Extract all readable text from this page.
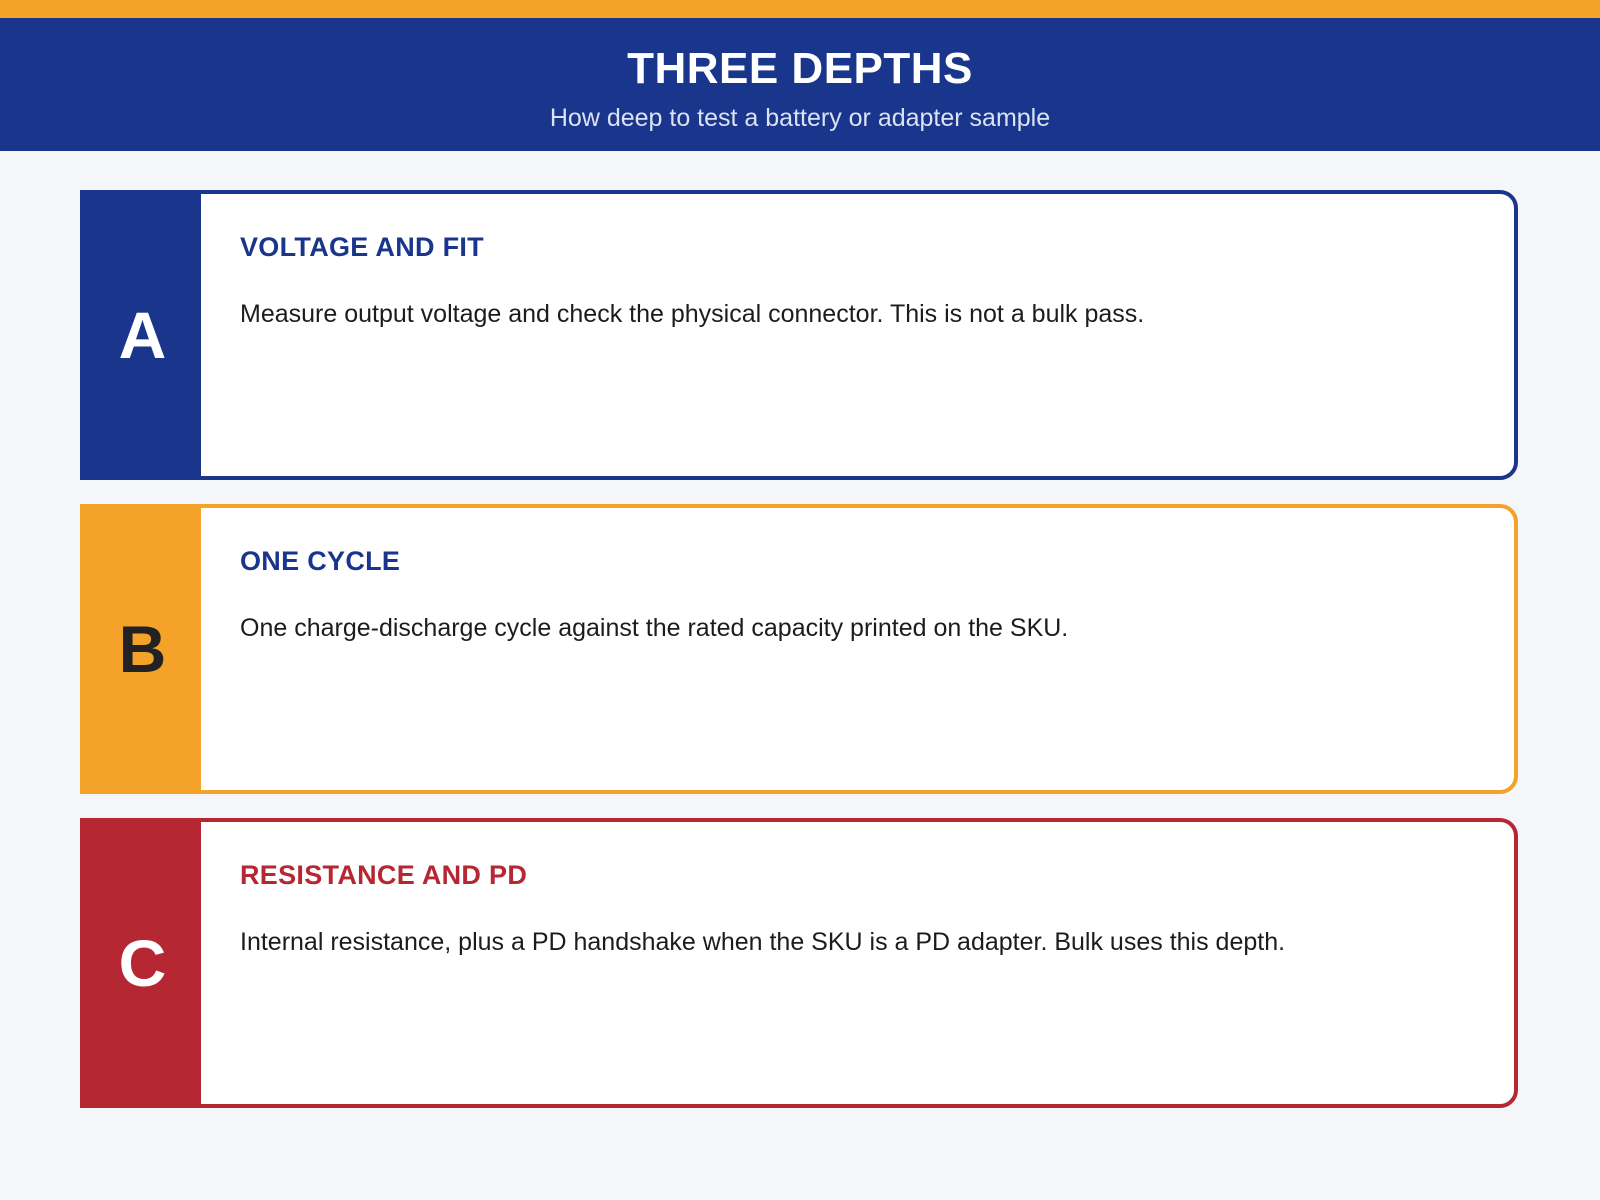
THREE DEPTHS
How deep to test a battery or adapter sample
A
VOLTAGE AND FIT
Measure output voltage and check the physical connector. This is not a bulk pass.
B
ONE CYCLE
One charge-discharge cycle against the rated capacity printed on the SKU.
C
RESISTANCE AND PD
Internal resistance, plus a PD handshake when the SKU is a PD adapter. Bulk uses this depth.
